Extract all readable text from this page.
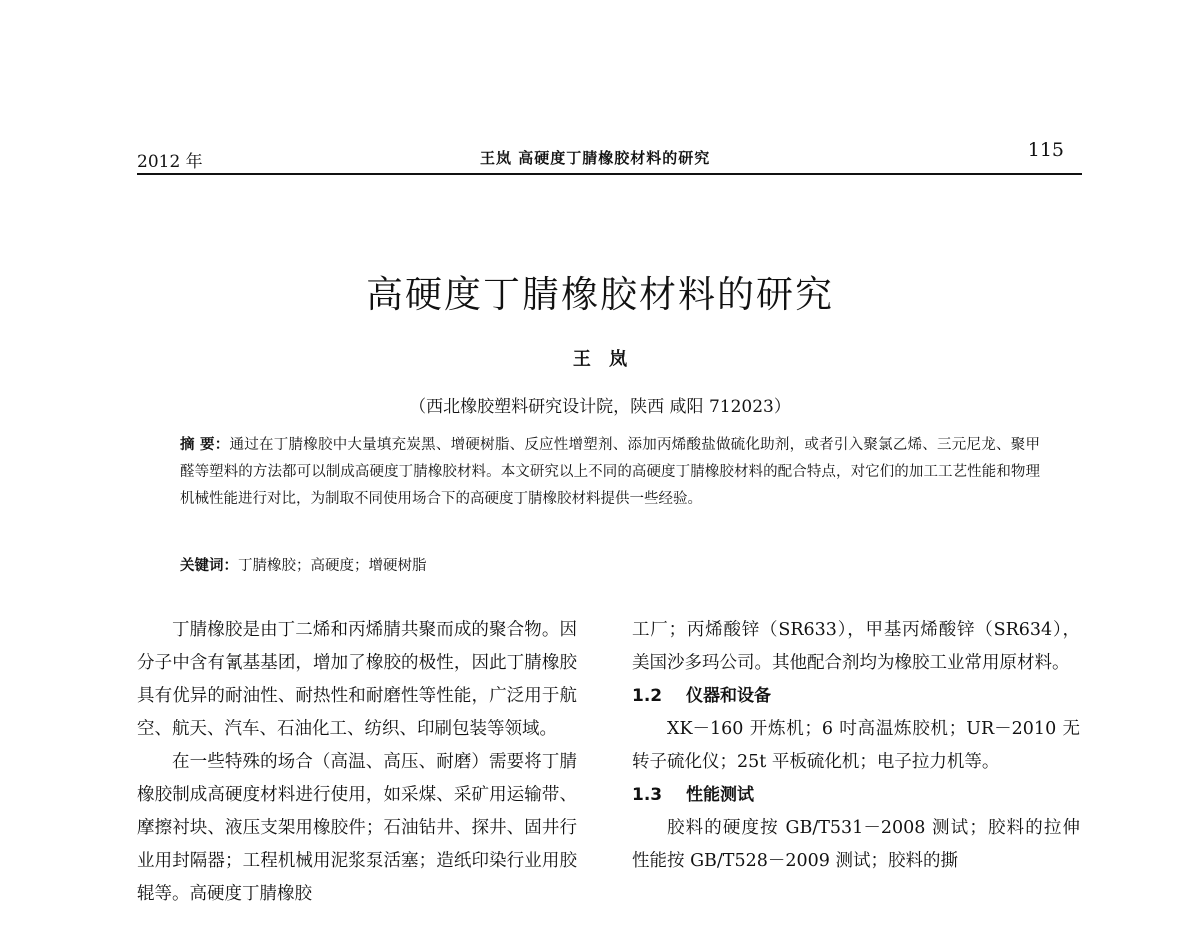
2012 年	王岚 高硬度丁腈橡胶材料的研究	115
高硬度丁腈橡胶材料的研究
王 岚
（西北橡胶塑料研究设计院，陕西 咸阳 712023）
摘 要：通过在丁腈橡胶中大量填充炭黑、增硬树脂、反应性增塑剂、添加丙烯酸盐做硫化助剂，或者引入聚氯乙烯、三元尼龙、聚甲醛等塑料的方法都可以制成高硬度丁腈橡胶材料。本文研究以上不同的高硬度丁腈橡胶材料的配合特点，对它们的加工工艺性能和物理机械性能进行对比，为制取不同使用场合下的高硬度丁腈橡胶材料提供一些经验。
关键词：丁腈橡胶；高硬度；增硬树脂

丁腈橡胶是由丁二烯和丙烯腈共聚而成的聚合物。因分子中含有氰基基团，增加了橡胶的极性，因此丁腈橡胶具有优异的耐油性、耐热性和耐磨性等性能，广泛用于航空、航天、汽车、石油化工、纺织、印刷包装等领域。

在一些特殊的场合（高温、高压、耐磨）需要将丁腈橡胶制成高硬度材料进行使用，如采煤、采矿用运输带、摩擦衬块、液压支架用橡胶件；石油钻井、探井、固井行业用封隔器；工程机械用泥浆泵活塞；造纸印染行业用胶辊等。高硬度丁腈橡胶

工厂；丙烯酸锌（SR633），甲基丙烯酸锌（SR634），美国沙多玛公司。其他配合剂均为橡胶工业常用原材料。

1.2 仪器和设备

XK－160 开炼机；6 吋高温炼胶机；UR－2010 无转子硫化仪；25t 平板硫化机；电子拉力机等。

1.3 性能测试

胶料的硬度按 GB/T531－2008 测试；胶料的拉伸性能按 GB/T528－2009 测试；胶料的撕
